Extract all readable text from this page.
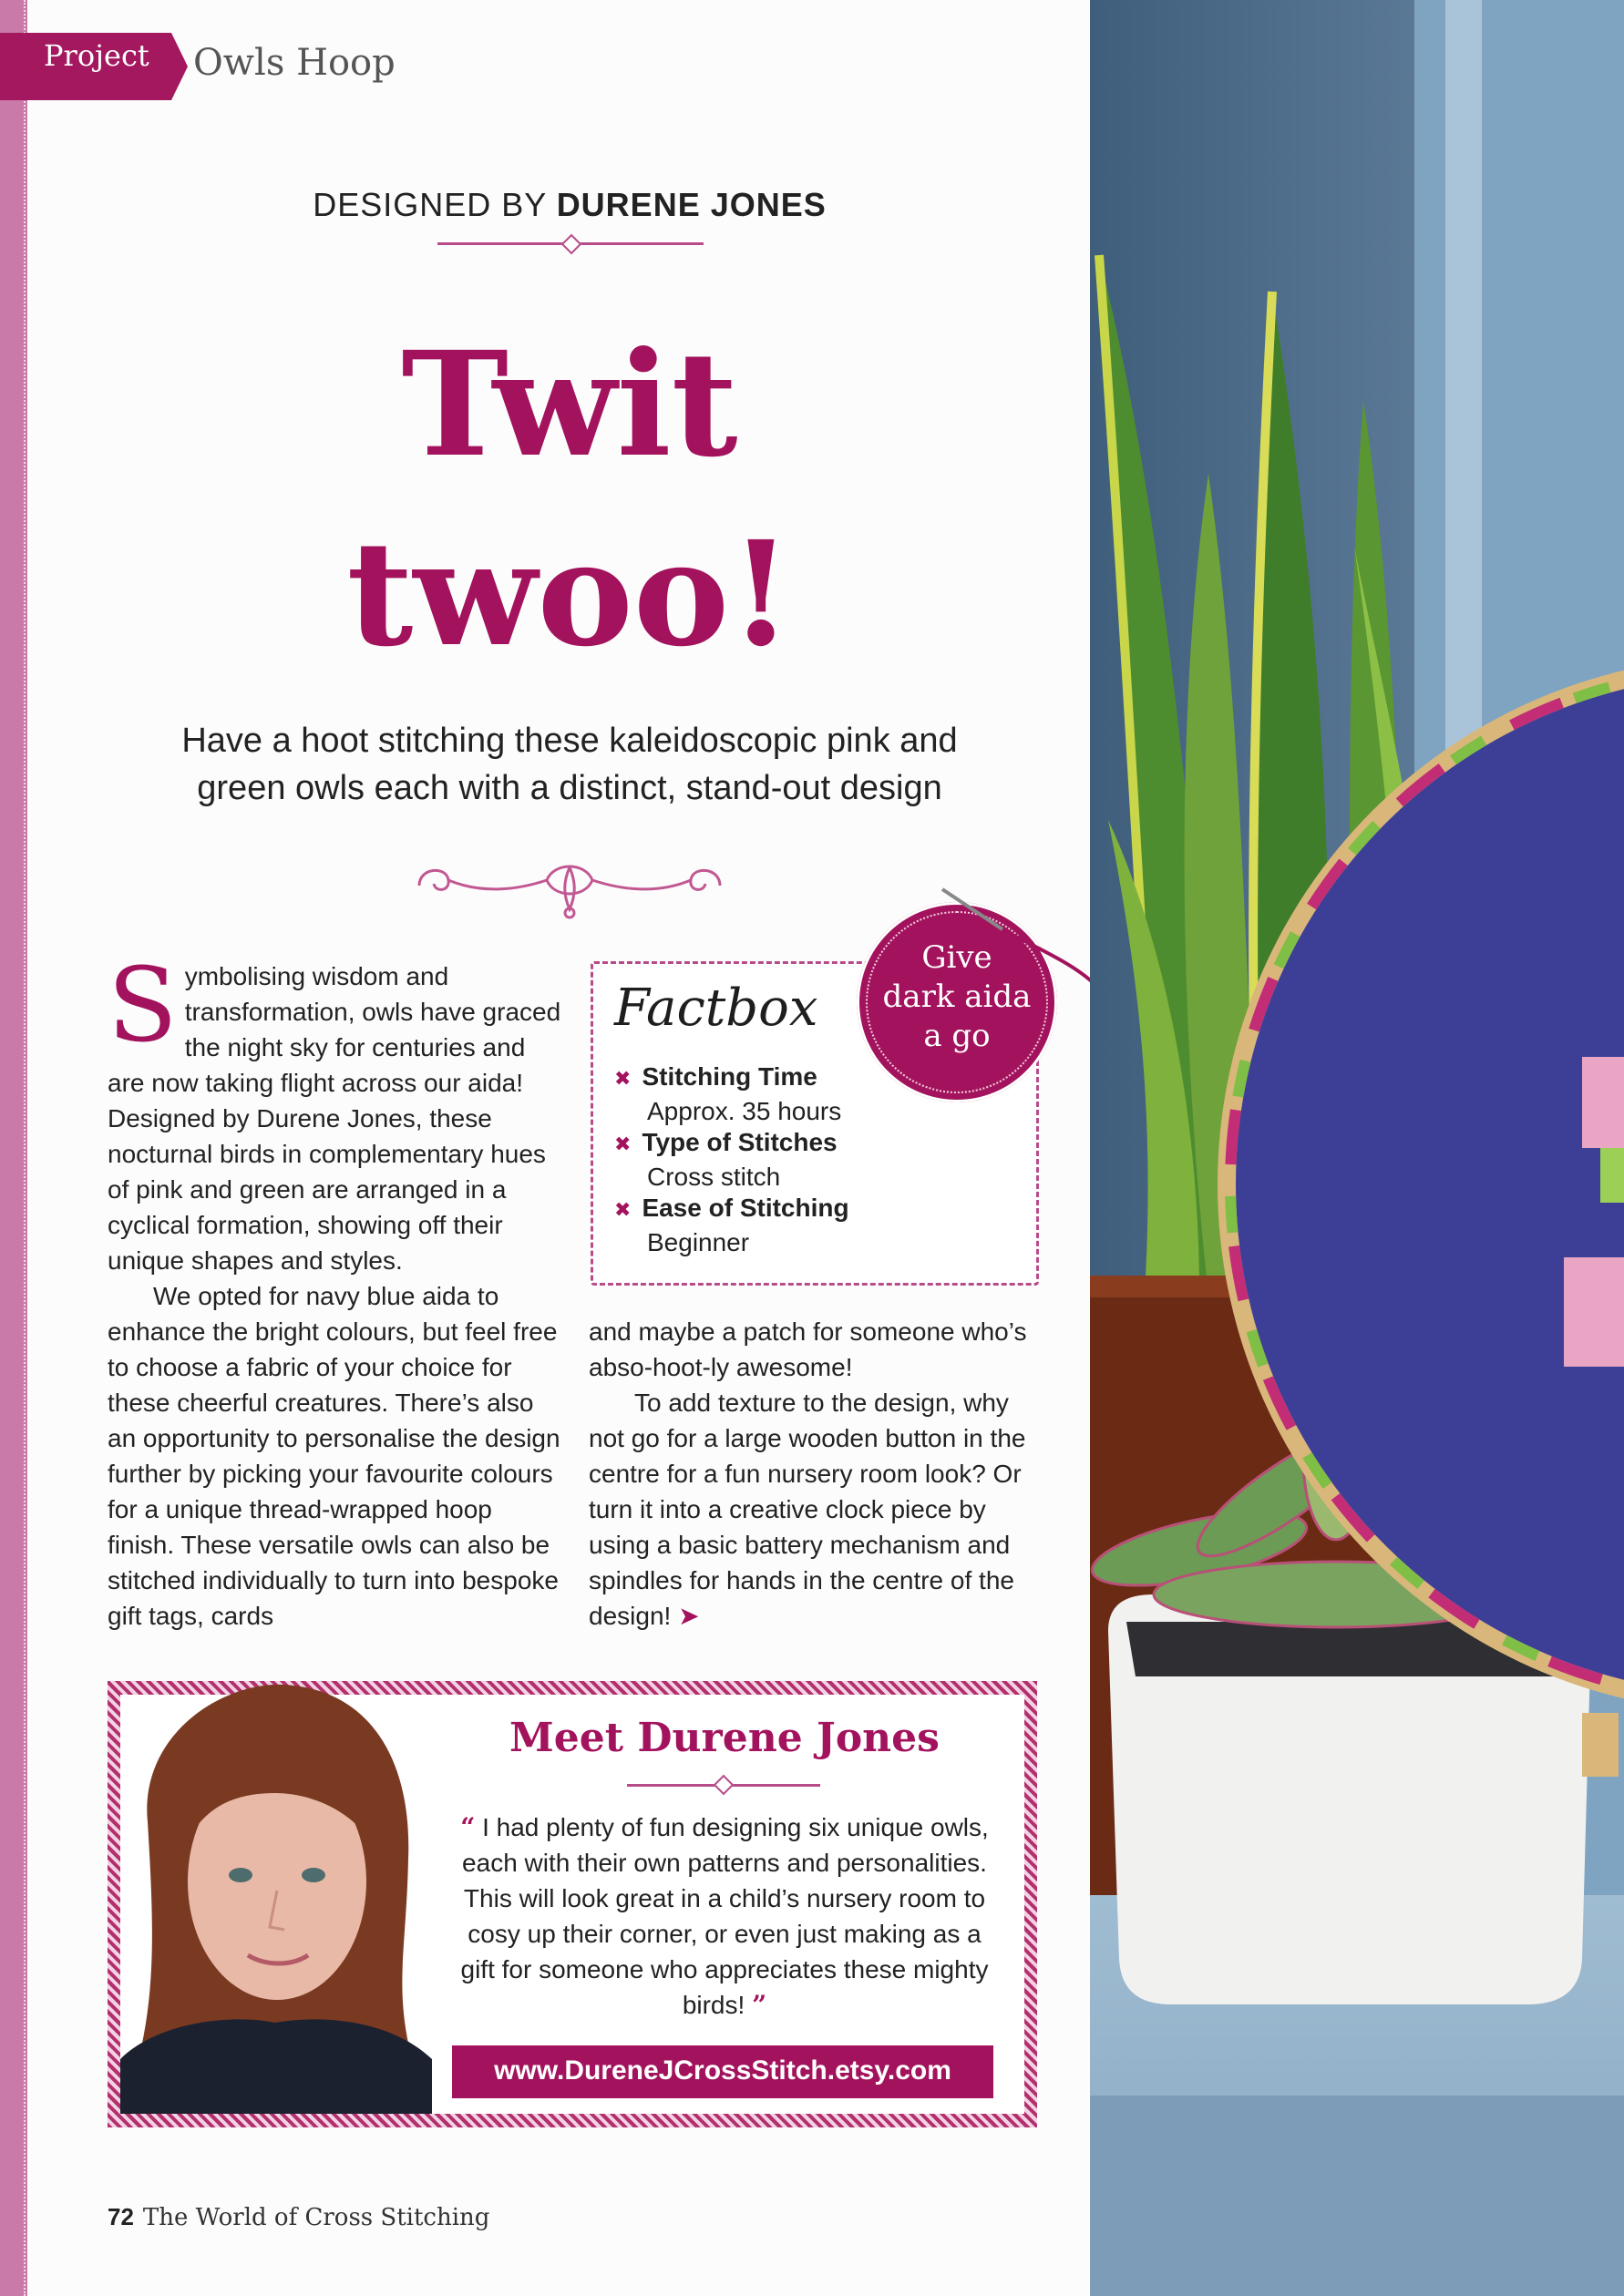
Project Owls Hoop
DESIGNED BY DURENE JONES
Twit
twoo!
Have a hoot stitching these kaleidoscopic pink and
green owls each with a distinct, stand-out design

Symbolising wisdom and transformation, owls have graced the night sky for centuries and are now taking flight across our aida! Designed by Durene Jones, these nocturnal birds in complementary hues of pink and green are arranged in a cyclical formation, showing off their unique shapes and styles.

We opted for navy blue aida to enhance the bright colours, but feel free to choose a fabric of your choice for these cheerful creatures. There’s also an opportunity to personalise the design further by picking your favourite colours for a unique thread-wrapped hoop finish. These versatile owls can also be stitched individually to turn into bespoke gift tags, cards

Factbox
✖ Stitching Time
Approx. 35 hours
✖ Type of Stitches
Cross stitch
✖ Ease of Stitching
Beginner
Give
dark aida
a go

and maybe a patch for someone who’s abso-hoot-ly awesome!

To add texture to the design, why not go for a large wooden button in the centre for a fun nursery room look? Or turn it into a creative clock piece by using a basic battery mechanism and spindles for hands in the centre of the design! ➤

Meet Durene Jones
“ I had plenty of fun designing six unique owls, each with their own patterns and personalities. This will look great in a child’s nursery room to cosy up their corner, or even just making as a gift for someone who appreciates these mighty birds! ”
www.DureneJCrossStitch.etsy.com
72 The World of Cross Stitching
